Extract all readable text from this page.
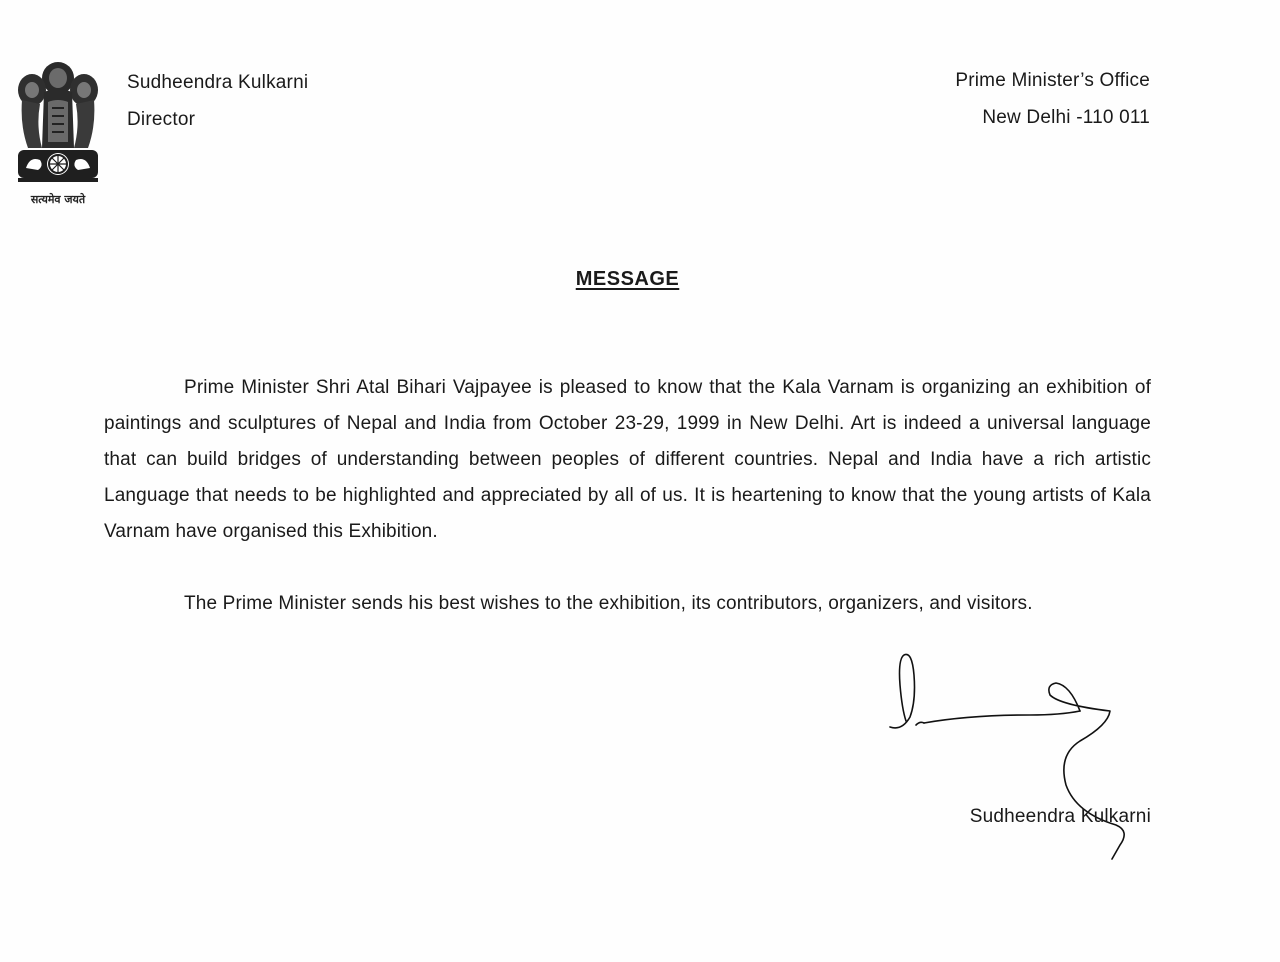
सत्यमेव जयते
Sudheendra Kulkarni
Director
Prime Minister’s Office
New Delhi -110 011
MESSAGE

Prime Minister Shri Atal Bihari Vajpayee is pleased to know that the Kala Varnam is organizing an exhibition of paintings and sculptures of Nepal and India from October 23-29, 1999 in New Delhi. Art is indeed a universal language that can build bridges of understanding between peoples of different countries. Nepal and India have a rich artistic Language that needs to be highlighted and appreciated by all of us. It is heartening to know that the young artists of Kala Varnam have organised this Exhibition.

The Prime Minister sends his best wishes to the exhibition, its contributors, organizers, and visitors.
Sudheendra Kulkarni
